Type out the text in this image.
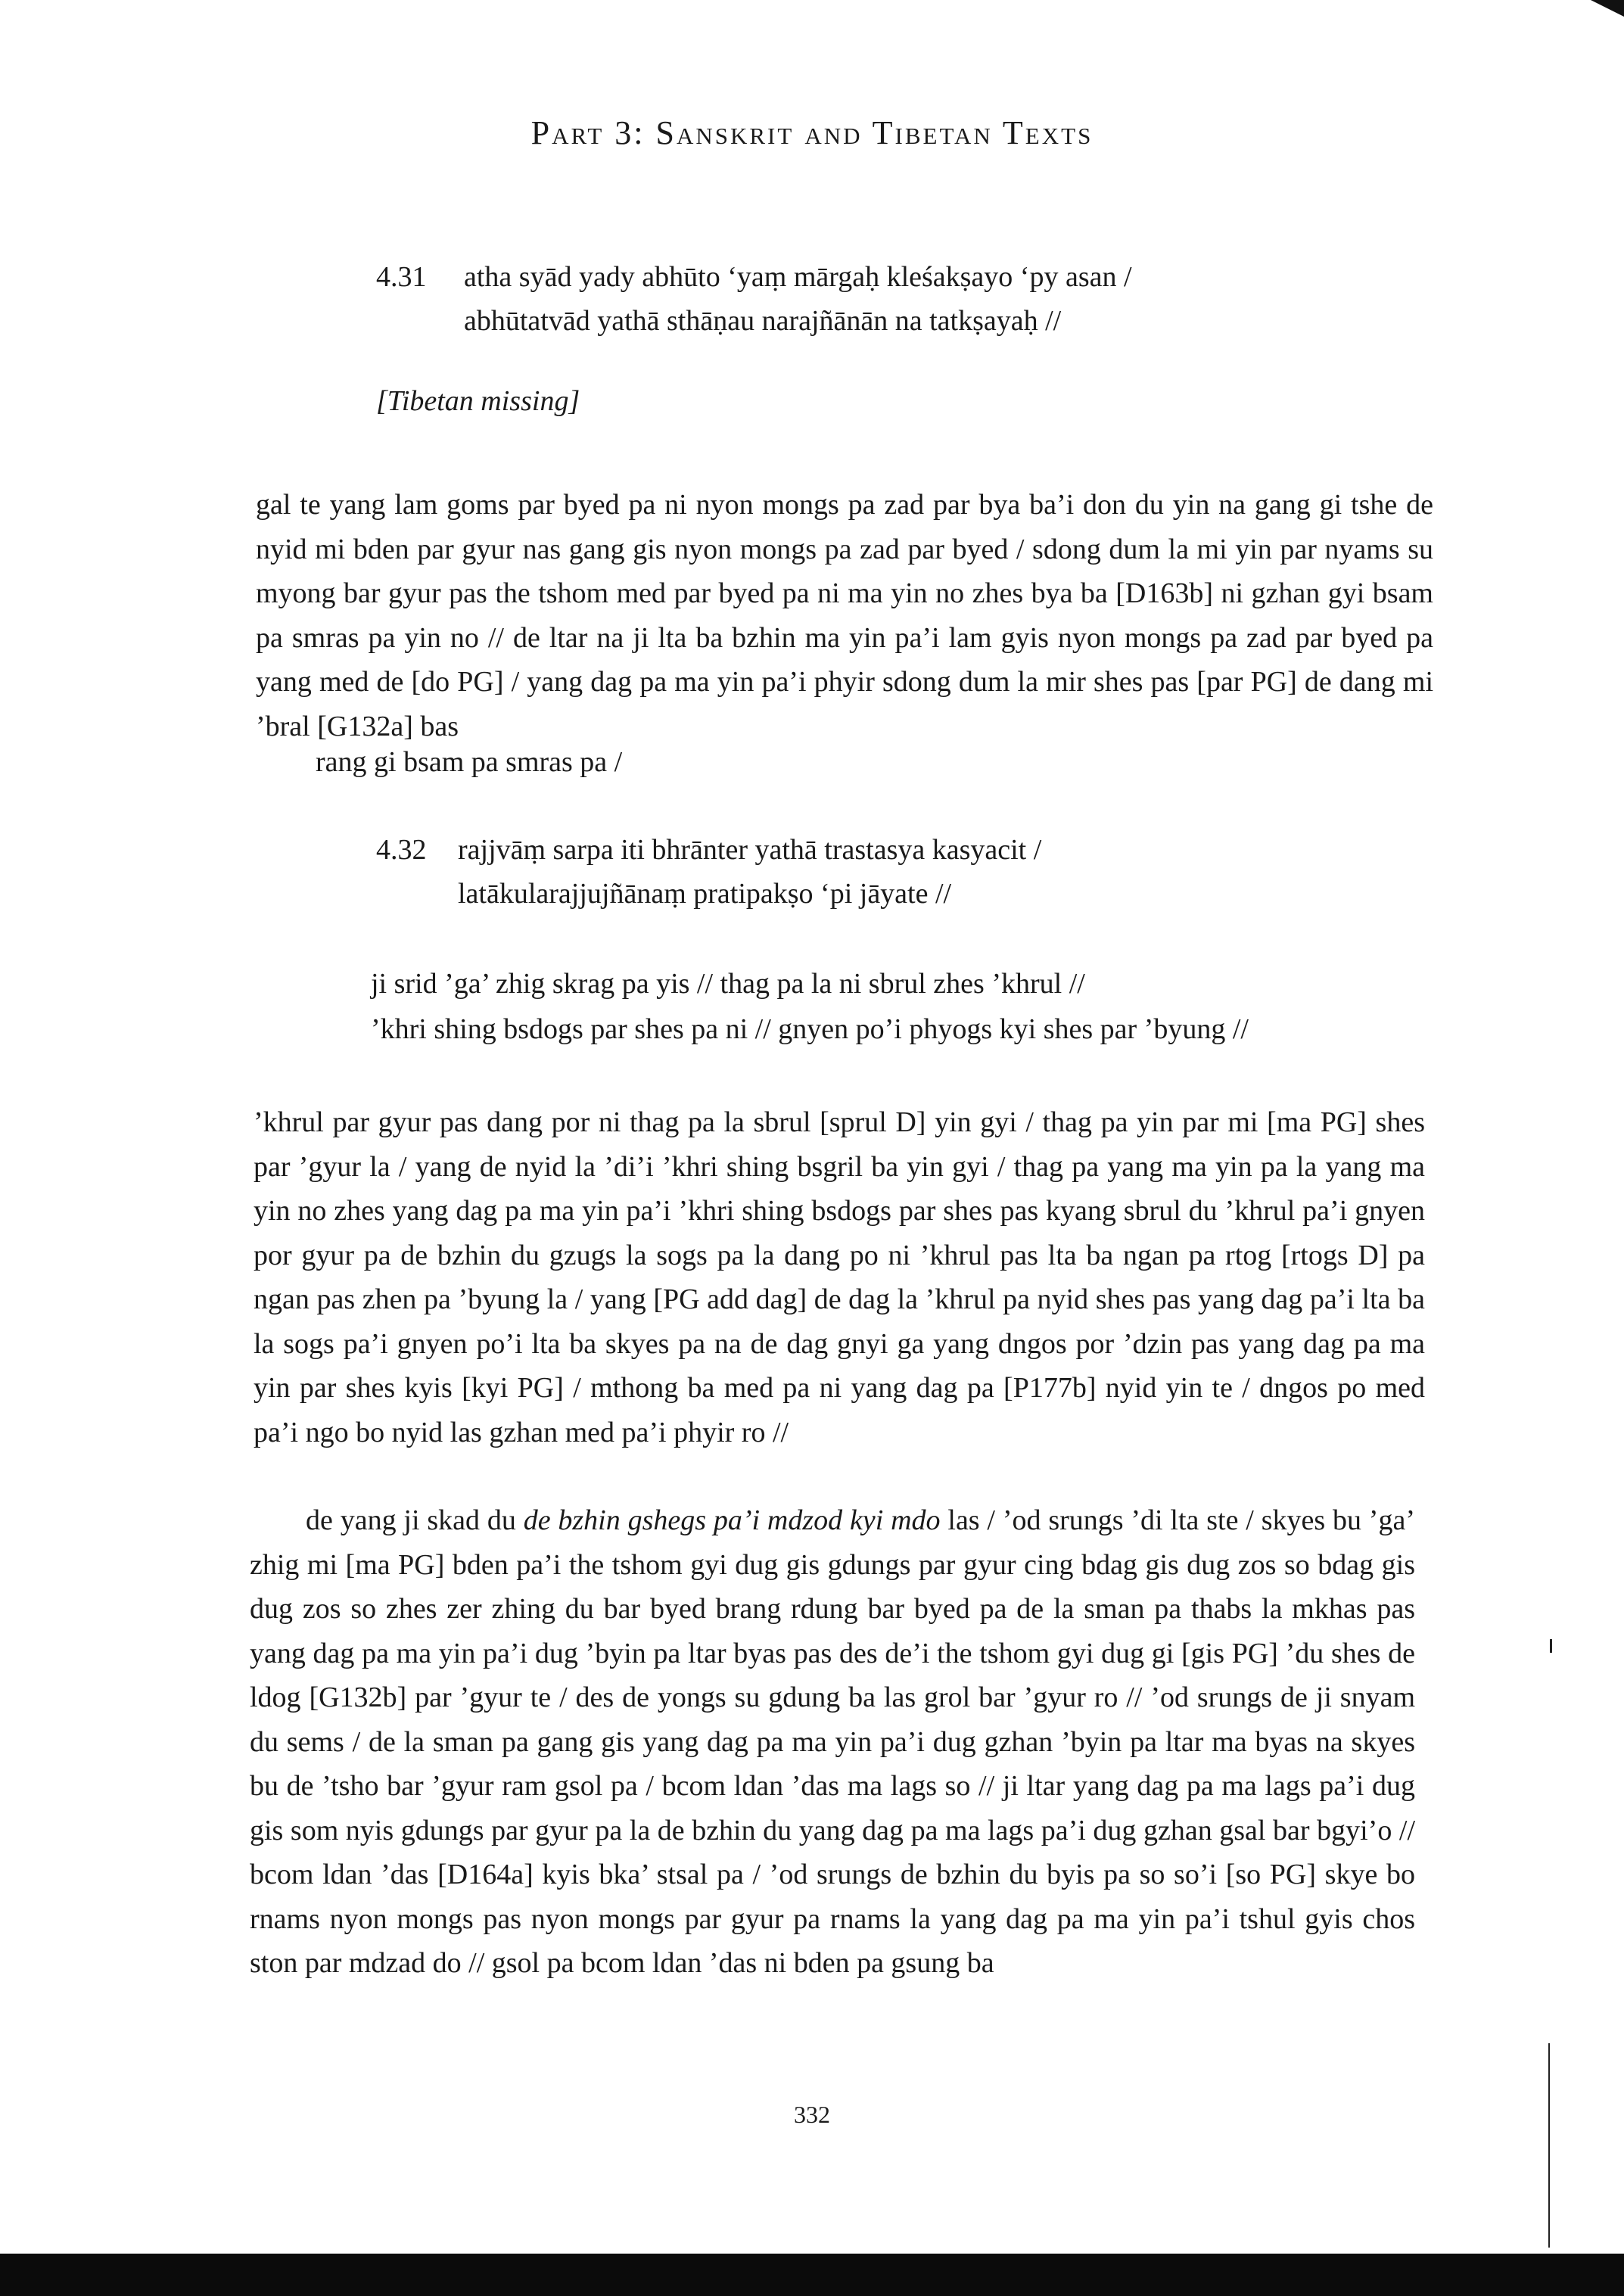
Part 3: Sanskrit and Tibetan Texts
4.31 atha syād yady abhūto ‘yaṃ mārgaḥ kleśakṣayo ‘py asan /
abhūtatvād yathā sthāṇau narajñānān na tatkṣayaḥ //
[Tibetan missing]

gal te yang lam goms par byed pa ni nyon mongs pa zad par bya ba’i don du yin na gang gi tshe de nyid mi bden par gyur nas gang gis nyon mongs pa zad par byed / sdong dum la mi yin par nyams su myong bar gyur pas the tshom med par byed pa ni ma yin no zhes bya ba [D163b] ni gzhan gyi bsam pa smras pa yin no // de ltar na ji lta ba bzhin ma yin pa’i lam gyis nyon mongs pa zad par byed pa yang med de [do PG] / yang dag pa ma yin pa’i phyir sdong dum la mir shes pas [par PG] de dang mi ’bral [G132a] bas

rang gi bsam pa smras pa /
4.32 rajjvāṃ sarpa iti bhrānter yathā trastasya kasyacit /
latākularajjujñānaṃ pratipakṣo ‘pi jāyate //
ji srid ’ga’ zhig skrag pa yis // thag pa la ni sbrul zhes ’khrul //
’khri shing bsdogs par shes pa ni // gnyen po’i phyogs kyi shes par ’byung //

’khrul par gyur pas dang por ni thag pa la sbrul [sprul D] yin gyi / thag pa yin par mi [ma PG] shes par ’gyur la / yang de nyid la ’di’i ’khri shing bsgril ba yin gyi / thag pa yang ma yin pa la yang ma yin no zhes yang dag pa ma yin pa’i ’khri shing bsdogs par shes pas kyang sbrul du ’khrul pa’i gnyen por gyur pa de bzhin du gzugs la sogs pa la dang po ni ’khrul pas lta ba ngan pa rtog [rtogs D] pa ngan pas zhen pa ’byung la / yang [PG add dag] de dag la ’khrul pa nyid shes pas yang dag pa’i lta ba la sogs pa’i gnyen po’i lta ba skyes pa na de dag gnyi ga yang dngos por ’dzin pas yang dag pa ma yin par shes kyis [kyi PG] / mthong ba med pa ni yang dag pa [P177b] nyid yin te / dngos po med pa’i ngo bo nyid las gzhan med pa’i phyir ro //

de yang ji skad du de bzhin gshegs pa’i mdzod kyi mdo las / ’od srungs ’di lta ste / skyes bu ’ga’ zhig mi [ma PG] bden pa’i the tshom gyi dug gis gdungs par gyur cing bdag gis dug zos so bdag gis dug zos so zhes zer zhing du bar byed brang rdung bar byed pa de la sman pa thabs la mkhas pas yang dag pa ma yin pa’i dug ’byin pa ltar byas pas des de’i the tshom gyi dug gi [gis PG] ’du shes de ldog [G132b] par ’gyur te / des de yongs su gdung ba las grol bar ’gyur ro // ’od srungs de ji snyam du sems / de la sman pa gang gis yang dag pa ma yin pa’i dug gzhan ’byin pa ltar ma byas na skyes bu de ’tsho bar ’gyur ram gsol pa / bcom ldan ’das ma lags so // ji ltar yang dag pa ma lags pa’i dug gis som nyis gdungs par gyur pa la de bzhin du yang dag pa ma lags pa’i dug gzhan gsal bar bgyi’o // bcom ldan ’das [D164a] kyis bka’ stsal pa / ’od srungs de bzhin du byis pa so so’i [so PG] skye bo rnams nyon mongs pas nyon mongs par gyur pa rnams la yang dag pa ma yin pa’i tshul gyis chos ston par mdzad do // gsol pa bcom ldan ’das ni bden pa gsung ba

332
